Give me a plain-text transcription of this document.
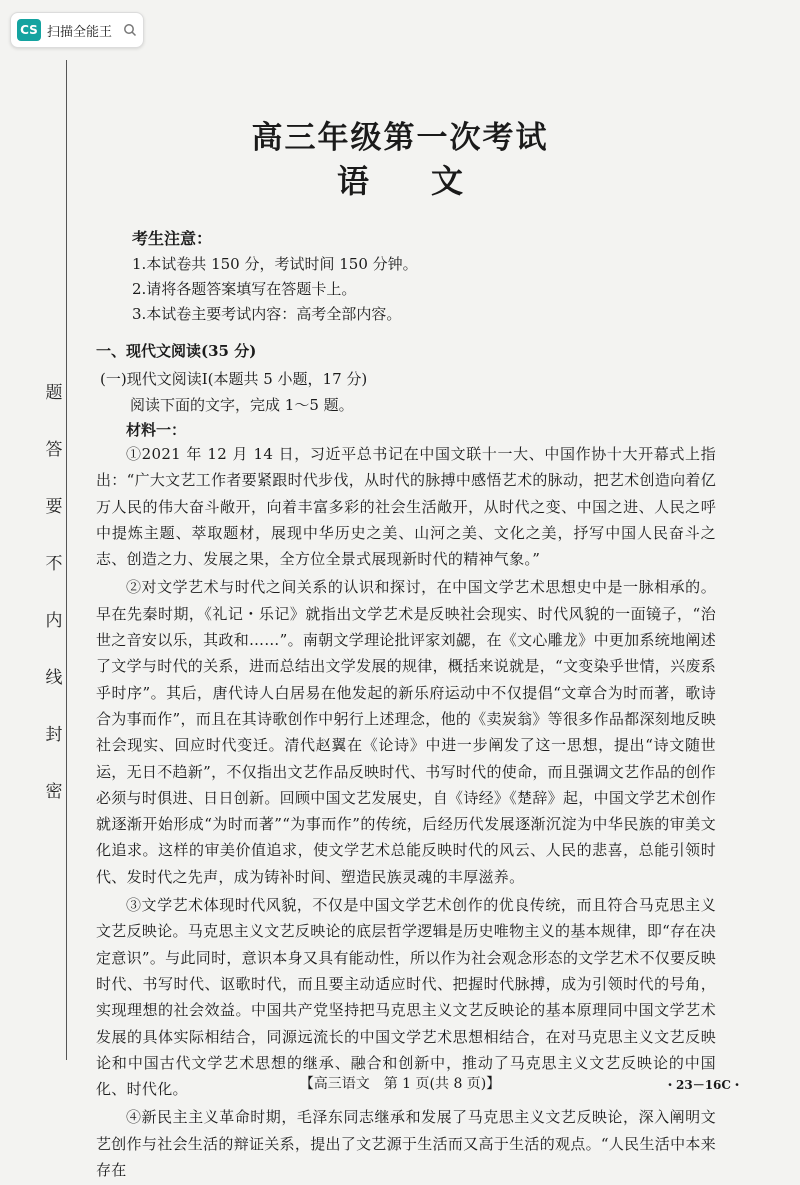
CS 扫描全能王
题
答
要
不
内
线
封
密
高三年级第一次考试
语文
考生注意：
1.本试卷共 150 分，考试时间 150 分钟。
2.请将各题答案填写在答题卡上。
3.本试卷主要考试内容：高考全部内容。
一、现代文阅读(35 分)
(一)现代文阅读Ⅰ(本题共 5 小题，17 分)
阅读下面的文字，完成 1～5 题。
材料一：

①2021 年 12 月 14 日，习近平总书记在中国文联十一大、中国作协十大开幕式上指出：“广大文艺工作者要紧跟时代步伐，从时代的脉搏中感悟艺术的脉动，把艺术创造向着亿万人民的伟大奋斗敞开，向着丰富多彩的社会生活敞开，从时代之变、中国之进、人民之呼中提炼主题、萃取题材，展现中华历史之美、山河之美、文化之美，抒写中国人民奋斗之志、创造之力、发展之果，全方位全景式展现新时代的精神气象。”

②对文学艺术与时代之间关系的认识和探讨，在中国文学艺术思想史中是一脉相承的。早在先秦时期，《礼记・乐记》就指出文学艺术是反映社会现实、时代风貌的一面镜子，“治世之音安以乐，其政和……”。南朝文学理论批评家刘勰，在《文心雕龙》中更加系统地阐述了文学与时代的关系，进而总结出文学发展的规律，概括来说就是，“文变染乎世情，兴废系乎时序”。其后，唐代诗人白居易在他发起的新乐府运动中不仅提倡“文章合为时而著，歌诗合为事而作”，而且在其诗歌创作中躬行上述理念，他的《卖炭翁》等很多作品都深刻地反映社会现实、回应时代变迁。清代赵翼在《论诗》中进一步阐发了这一思想，提出“诗文随世运，无日不趋新”，不仅指出文艺作品反映时代、书写时代的使命，而且强调文艺作品的创作必须与时俱进、日日创新。回顾中国文艺发展史，自《诗经》《楚辞》起，中国文学艺术创作就逐渐开始形成“为时而著”“为事而作”的传统，后经历代发展逐渐沉淀为中华民族的审美文化追求。这样的审美价值追求，使文学艺术总能反映时代的风云、人民的悲喜，总能引领时代、发时代之先声，成为铸补时间、塑造民族灵魂的丰厚滋养。

③文学艺术体现时代风貌，不仅是中国文学艺术创作的优良传统，而且符合马克思主义文艺反映论。马克思主义文艺反映论的底层哲学逻辑是历史唯物主义的基本规律，即“存在决定意识”。与此同时，意识本身又具有能动性，所以作为社会观念形态的文学艺术不仅要反映时代、书写时代、讴歌时代，而且要主动适应时代、把握时代脉搏，成为引领时代的号角，实现理想的社会效益。中国共产党坚持把马克思主义文艺反映论的基本原理同中国文学艺术发展的具体实际相结合，同源远流长的中国文学艺术思想相结合，在对马克思主义文艺反映论和中国古代文学艺术思想的继承、融合和创新中，推动了马克思主义文艺反映论的中国化、时代化。

④新民主主义革命时期，毛泽东同志继承和发展了马克思主义文艺反映论，深入阐明文艺创作与社会生活的辩证关系，提出了文艺源于生活而又高于生活的观点。“人民生活中本来存在

【高三语文　第 1 页(共 8 页)】	・23－16C・
